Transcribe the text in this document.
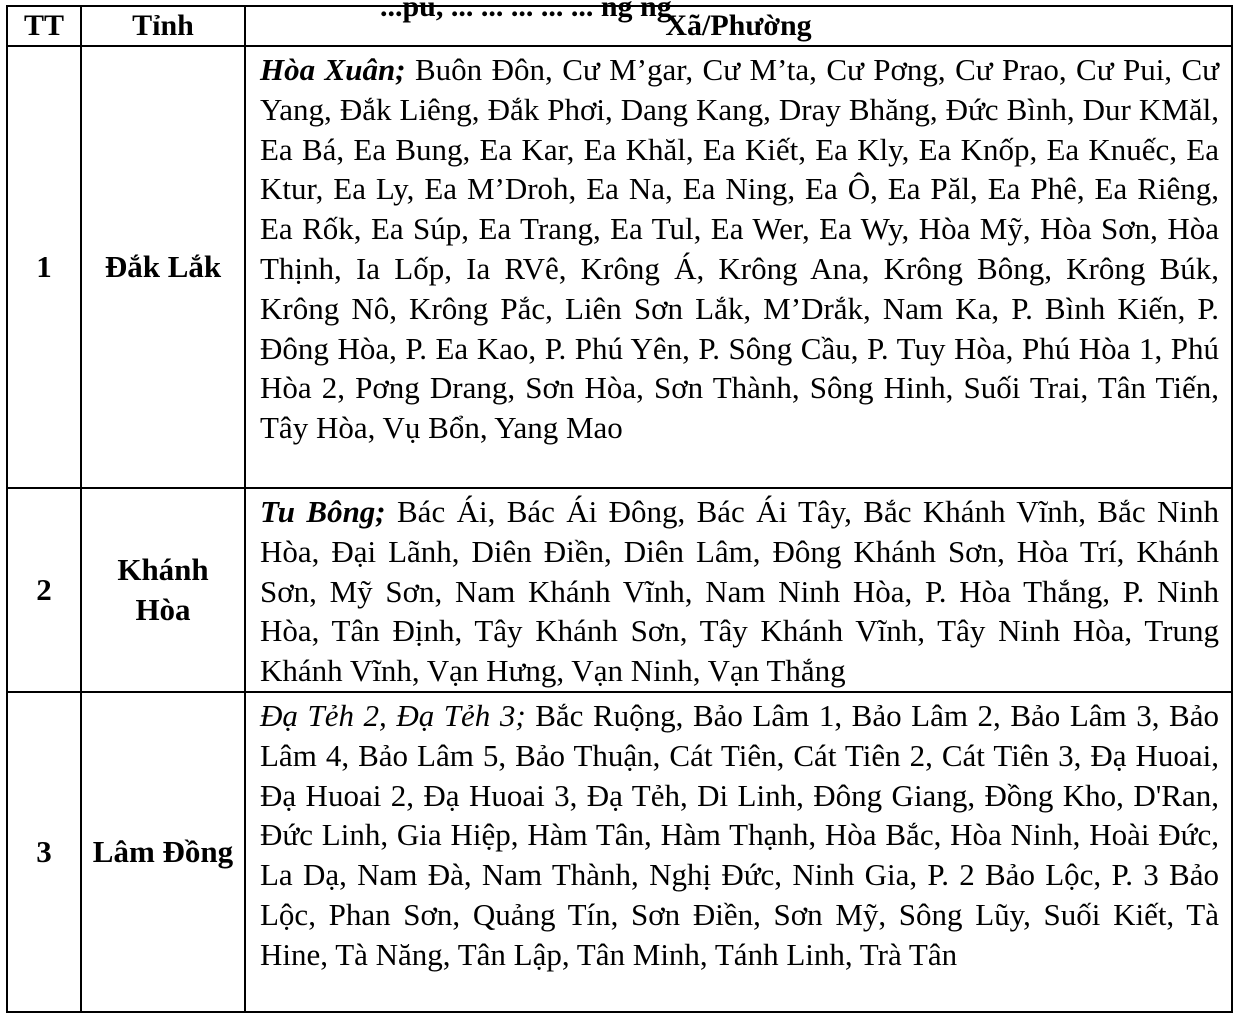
...pu, ... ... ... ... ... ng ng
TT	Tỉnh	Xã/Phường
1	Đắk Lắk	Hòa Xuân; Buôn Đôn, Cư M’gar, Cư M’ta, Cư Pơng, Cư Prao, Cư Pui, Cư Yang, Đắk Liêng, Đắk Phơi, Dang Kang, Dray Bhăng, Đức Bình, Dur KMăl, Ea Bá, Ea Bung, Ea Kar, Ea Khăl, Ea Kiết, Ea Kly, Ea Knốp, Ea Knuếc, Ea Ktur, Ea Ly, Ea M’Droh, Ea Na, Ea Ning, Ea Ô, Ea Păl, Ea Phê, Ea Riêng, Ea Rốk, Ea Súp, Ea Trang, Ea Tul, Ea Wer, Ea Wy, Hòa Mỹ, Hòa Sơn, Hòa Thịnh, Ia Lốp, Ia RVê, Krông Á, Krông Ana, Krông Bông, Krông Búk, Krông Nô, Krông Pắc, Liên Sơn Lắk, M’Drắk, Nam Ka, P. Bình Kiến, P. Đông Hòa, P. Ea Kao, P. Phú Yên, P. Sông Cầu, P. Tuy Hòa, Phú Hòa 1, Phú Hòa 2, Pơng Drang, Sơn Hòa, Sơn Thành, Sông Hinh, Suối Trai, Tân Tiến, Tây Hòa, Vụ Bổn, Yang Mao
2	Khánh Hòa	Tu Bông; Bác Ái, Bác Ái Đông, Bác Ái Tây, Bắc Khánh Vĩnh, Bắc Ninh Hòa, Đại Lãnh, Diên Điền, Diên Lâm, Đông Khánh Sơn, Hòa Trí, Khánh Sơn, Mỹ Sơn, Nam Khánh Vĩnh, Nam Ninh Hòa, P. Hòa Thắng, P. Ninh Hòa, Tân Định, Tây Khánh Sơn, Tây Khánh Vĩnh, Tây Ninh Hòa, Trung Khánh Vĩnh, Vạn Hưng, Vạn Ninh, Vạn Thắng
3	Lâm Đồng	Đạ Tẻh 2, Đạ Tẻh 3; Bắc Ruộng, Bảo Lâm 1, Bảo Lâm 2, Bảo Lâm 3, Bảo Lâm 4, Bảo Lâm 5, Bảo Thuận, Cát Tiên, Cát Tiên 2, Cát Tiên 3, Đạ Huoai, Đạ Huoai 2, Đạ Huoai 3, Đạ Tẻh, Di Linh, Đông Giang, Đồng Kho, D'Ran, Đức Linh, Gia Hiệp, Hàm Tân, Hàm Thạnh, Hòa Bắc, Hòa Ninh, Hoài Đức, La Dạ, Nam Đà, Nam Thành, Nghị Đức, Ninh Gia, P. 2 Bảo Lộc, P. 3 Bảo Lộc, Phan Sơn, Quảng Tín, Sơn Điền, Sơn Mỹ, Sông Lũy, Suối Kiết, Tà Hine, Tà Năng, Tân Lập, Tân Minh, Tánh Linh, Trà Tân
